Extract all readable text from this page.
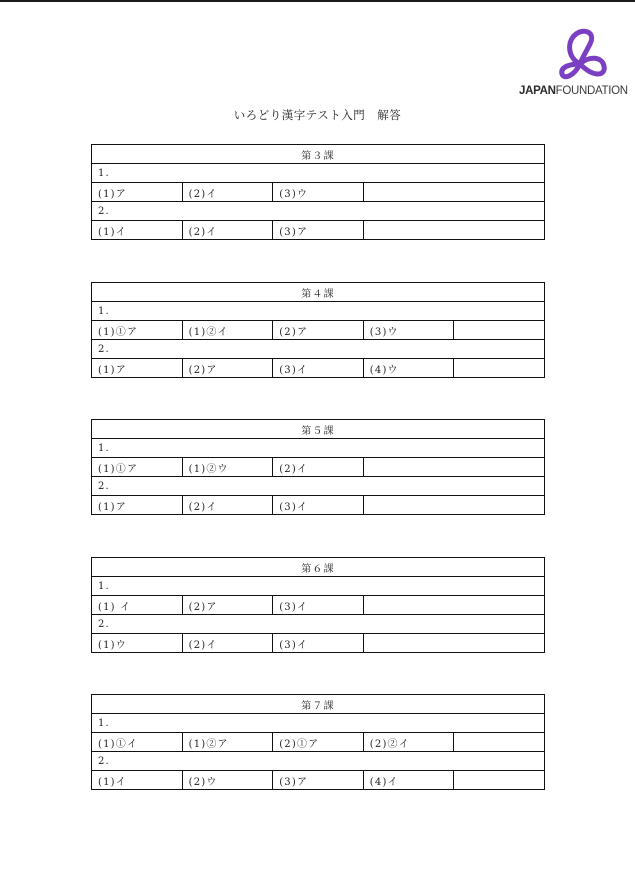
JAPANFOUNDATION
いろどり漢字テスト入門　解答
第３課			
1.			
(1)ア	(2)イ	(3)ウ	
2.			
(1)イ	(2)イ	(3)ア	
第４課				
1.				
(1)①ア	(1)②イ	(2)ア	(3)ウ	
2.				
(1)ア	(2)ア	(3)イ	(4)ウ	
第５課			
1.			
(1)①ア	(1)②ウ	(2)イ	
2.			
(1)ア	(2)イ	(3)イ	
第６課			
1.			
(1) イ	(2)ア	(3)イ	
2.			
(1)ウ	(2)イ	(3)イ	
第７課				
1.				
(1)①イ	(1)②ア	(2)①ア	(2)②イ	
2.				
(1)イ	(2)ウ	(3)ア	(4)イ	
